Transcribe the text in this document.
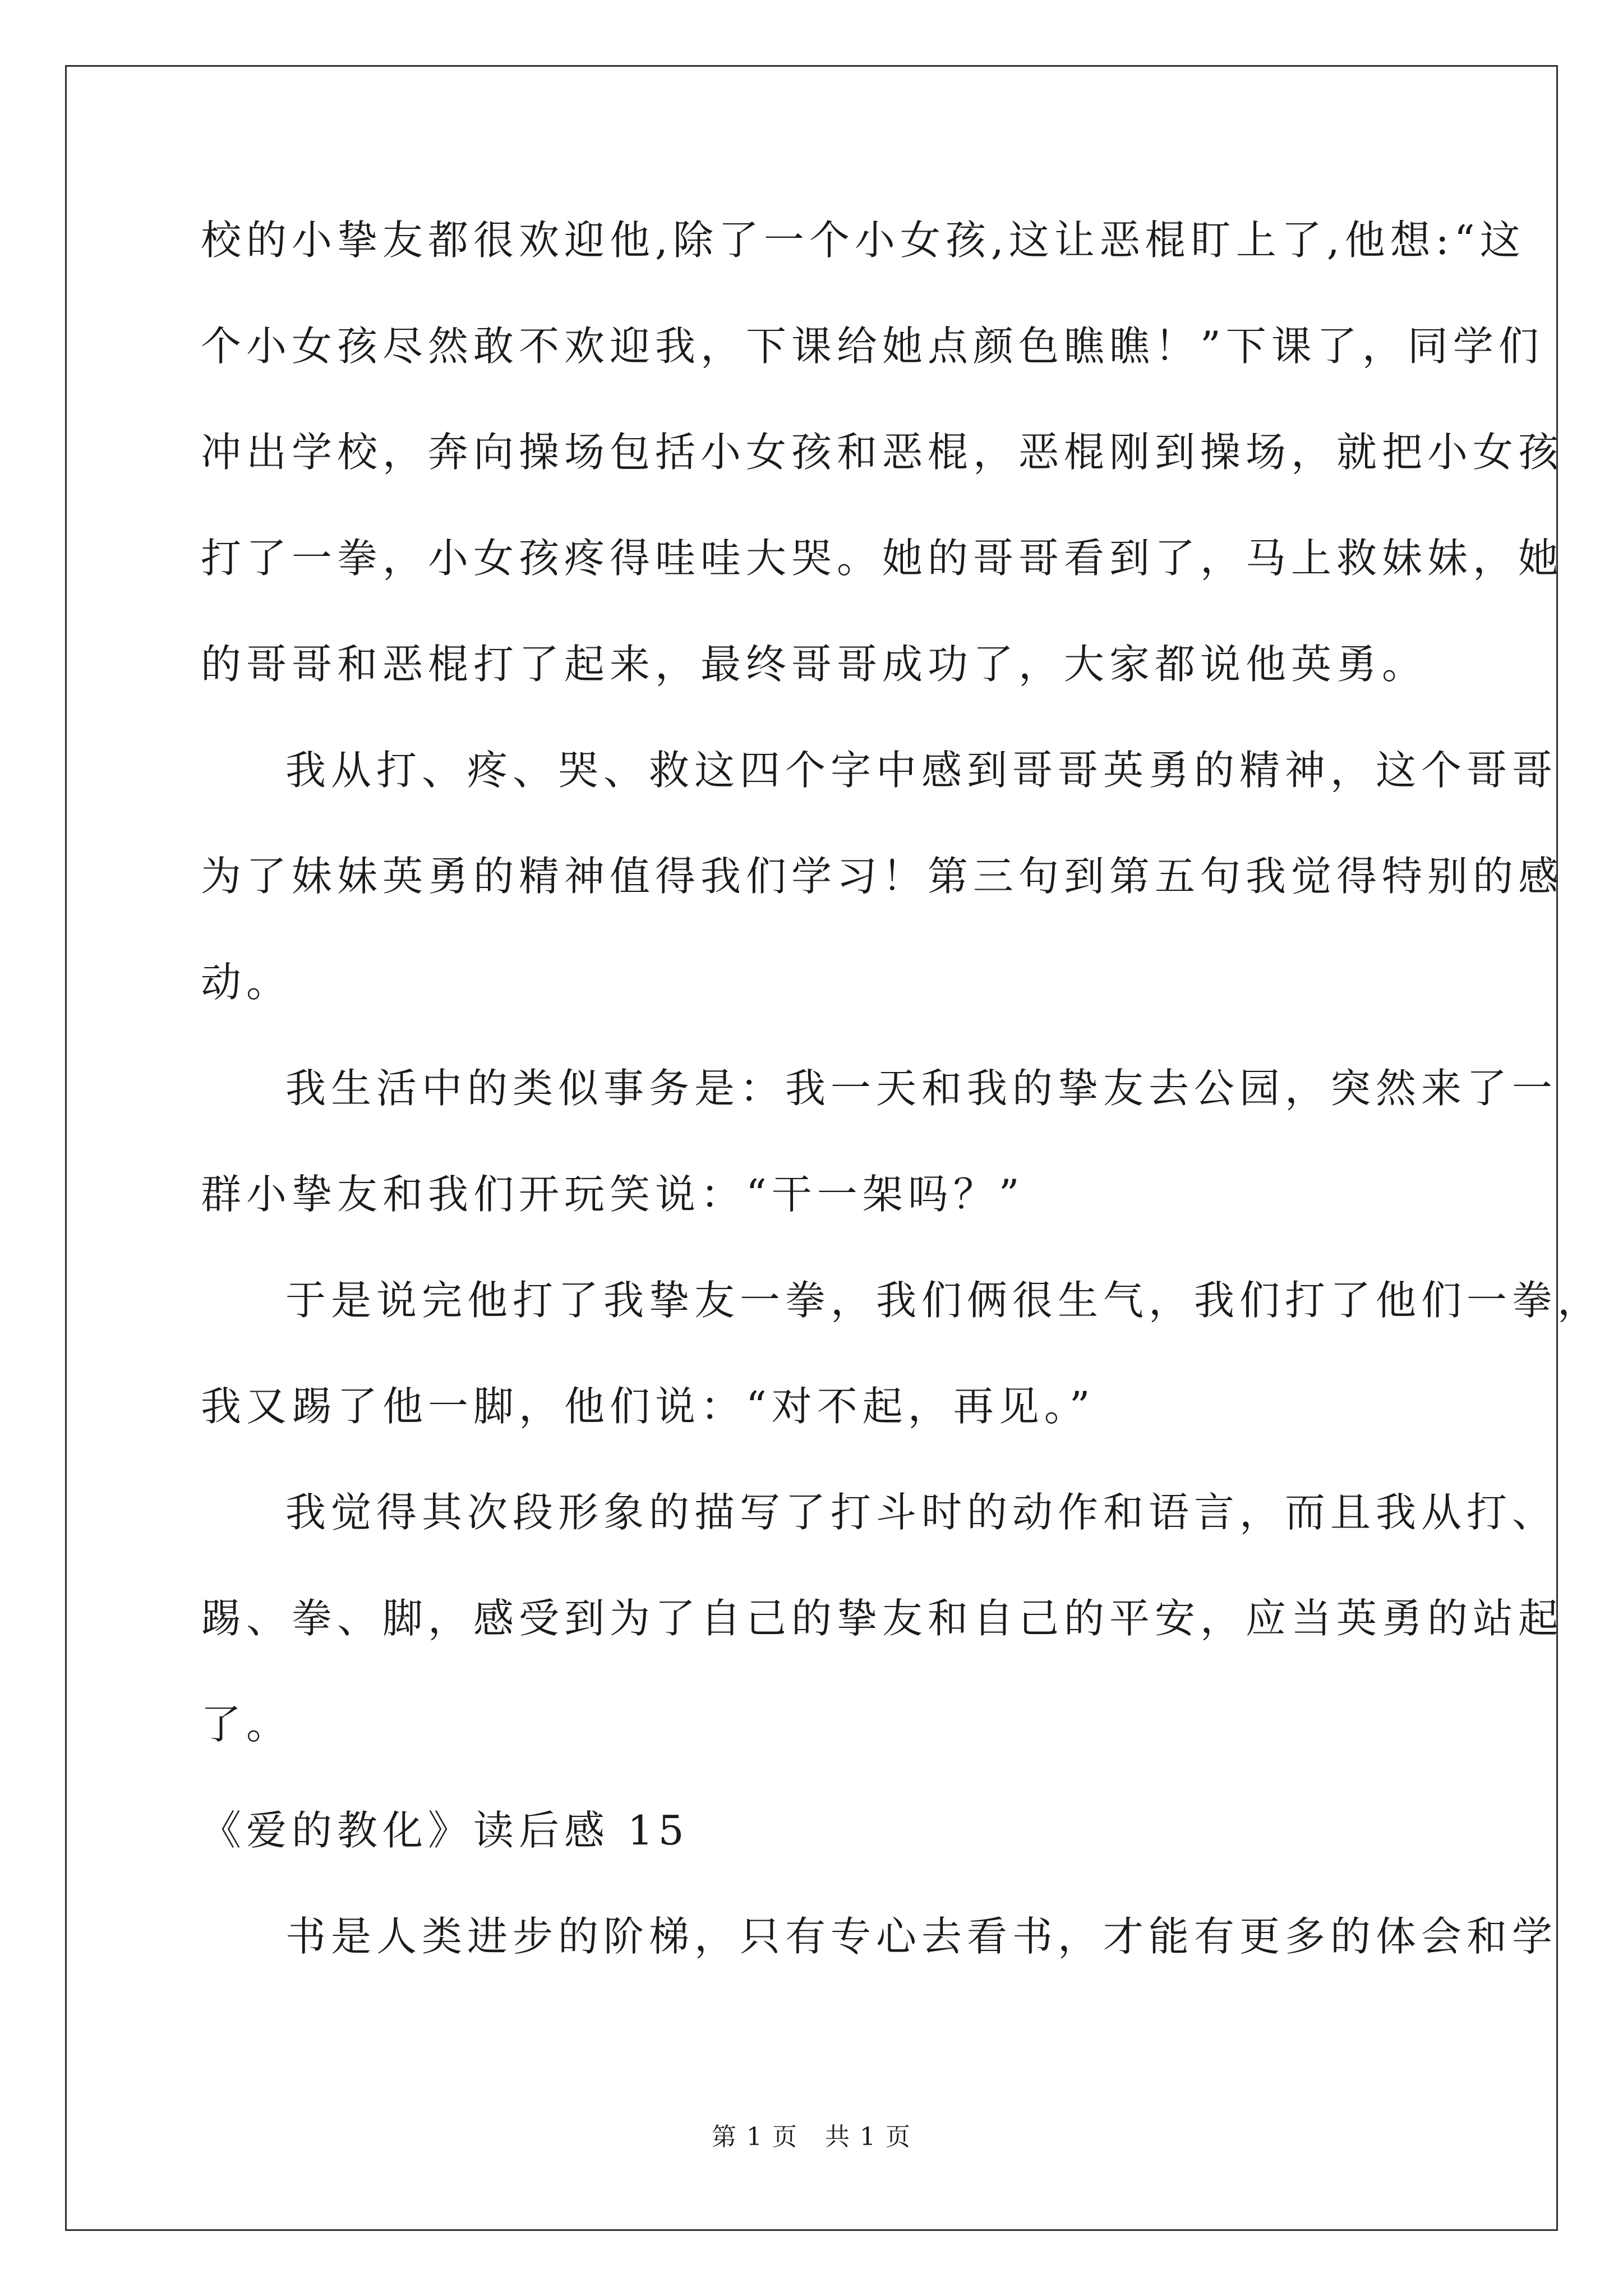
校的小挚友都很欢迎他,除了一个小女孩,这让恶棍盯上了,他想:“这

个小女孩尽然敢不欢迎我，下课给她点颜色瞧瞧！”下课了，同学们

冲出学校，奔向操场包括小女孩和恶棍，恶棍刚到操场，就把小女孩

打了一拳，小女孩疼得哇哇大哭。她的哥哥看到了，马上救妹妹，她

的哥哥和恶棍打了起来，最终哥哥成功了，大家都说他英勇。

我从打、疼、哭、救这四个字中感到哥哥英勇的精神，这个哥哥

为了妹妹英勇的精神值得我们学习！第三句到第五句我觉得特别的感

动。

我生活中的类似事务是：我一天和我的挚友去公园，突然来了一

群小挚友和我们开玩笑说：“干一架吗？”

于是说完他打了我挚友一拳，我们俩很生气，我们打了他们一拳，

我又踢了他一脚，他们说：“对不起，再见。”

我觉得其次段形象的描写了打斗时的动作和语言，而且我从打、

踢、拳、脚，感受到为了自己的挚友和自己的平安，应当英勇的站起

了。

《爱的教化》读后感 15

书是人类进步的阶梯，只有专心去看书，才能有更多的体会和学

第 1 页   共 1 页
